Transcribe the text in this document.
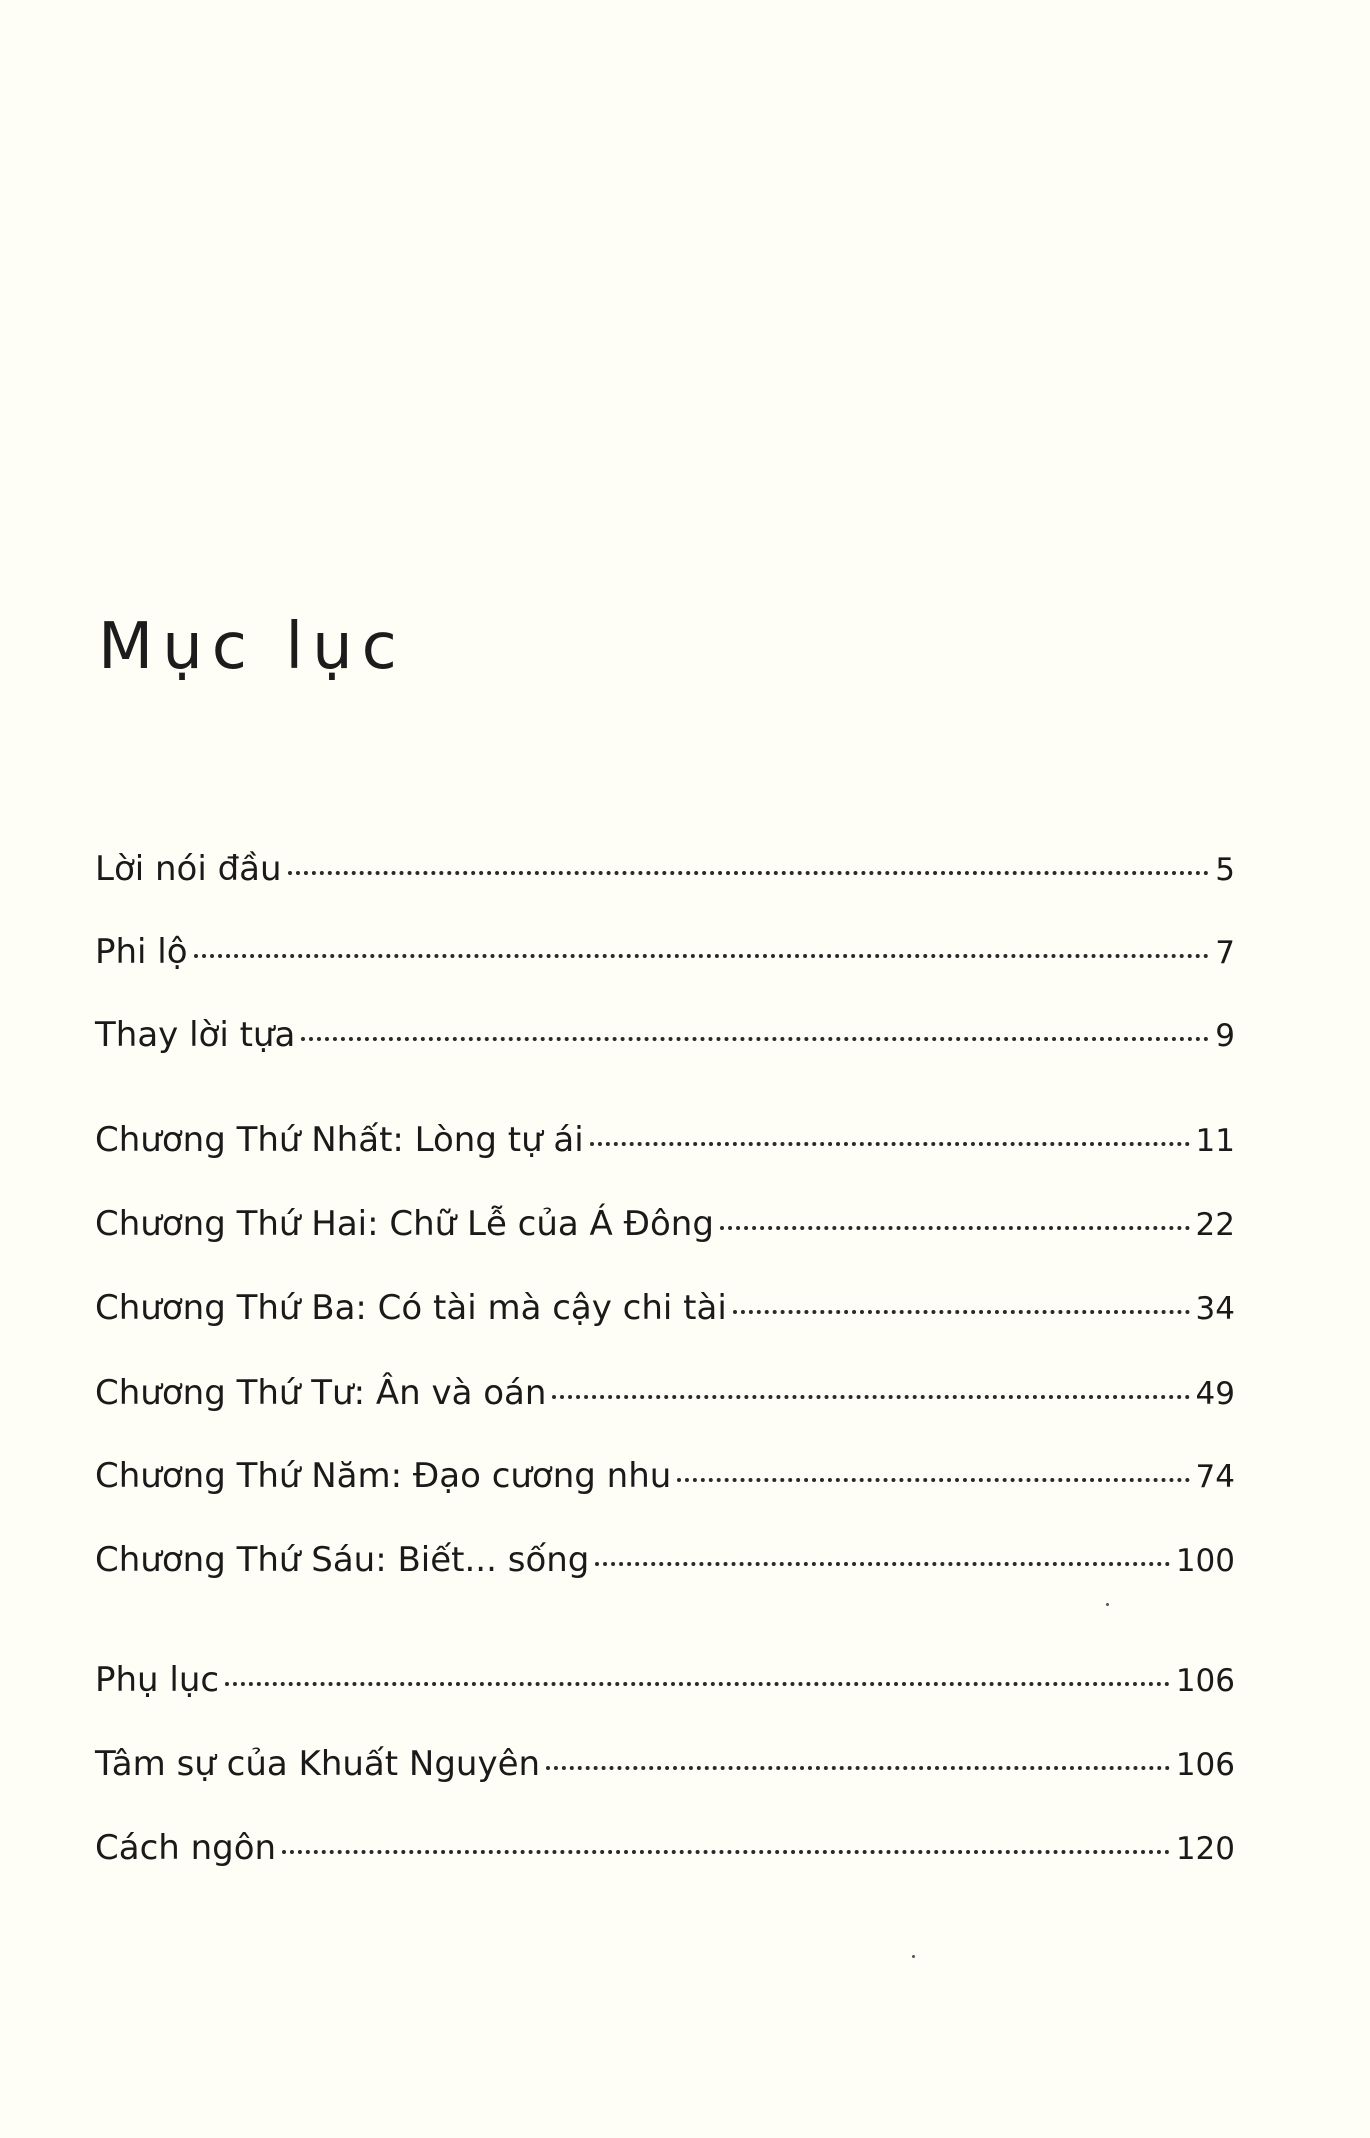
Mục lục
Lời nói đầu	5
Phi lộ	7
Thay lời tựa	9
Chương Thứ Nhất: Lòng tự ái	11
Chương Thứ Hai: Chữ Lễ của Á Đông	22
Chương Thứ Ba: Có tài mà cậy chi tài	34
Chương Thứ Tư: Ân và oán	49
Chương Thứ Năm: Đạo cương nhu	74
Chương Thứ Sáu: Biết... sống	100
Phụ lục	106
Tâm sự của Khuất Nguyên	106
Cách ngôn	120
